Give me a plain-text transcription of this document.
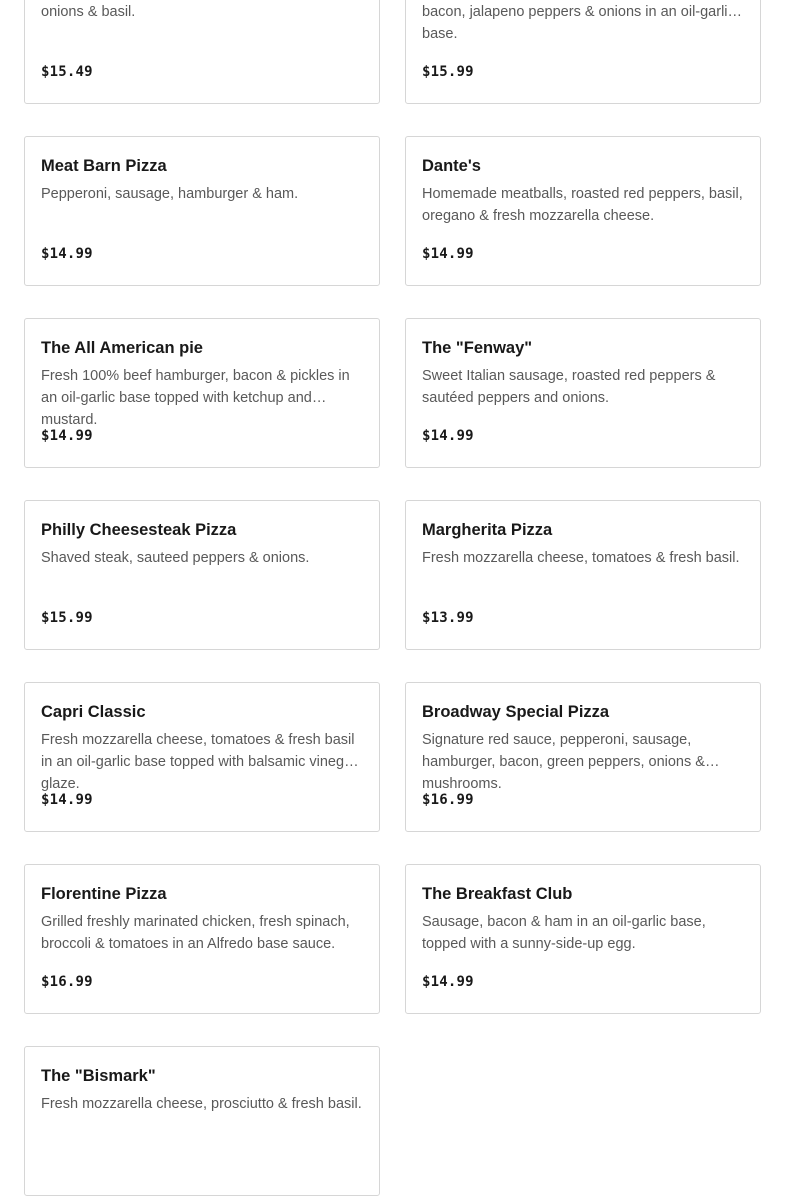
onions & basil.
$15.49
bacon, jalapeno peppers & onions in an oil-garlic base.
$15.99
Meat Barn Pizza
Pepperoni, sausage, hamburger & ham.
$14.99
Dante's
Homemade meatballs, roasted red peppers, basil, oregano & fresh mozzarella cheese.
$14.99
The All American pie
Fresh 100% beef hamburger, bacon & pickles in an oil-garlic base topped with ketchup and mustard.
$14.99
The "Fenway"
Sweet Italian sausage, roasted red peppers & sautéed peppers and onions.
$14.99
Philly Cheesesteak Pizza
Shaved steak, sauteed peppers & onions.
$15.99
Margherita Pizza
Fresh mozzarella cheese, tomatoes & fresh basil.
$13.99
Capri Classic
Fresh mozzarella cheese, tomatoes & fresh basil in an oil-garlic base topped with balsamic vinegar glaze.
$14.99
Broadway Special Pizza
Signature red sauce, pepperoni, sausage, hamburger, bacon, green peppers, onions & mushrooms.
$16.99
Florentine Pizza
Grilled freshly marinated chicken, fresh spinach, broccoli & tomatoes in an Alfredo base sauce.
$16.99
The Breakfast Club
Sausage, bacon & ham in an oil-garlic base, topped with a sunny-side-up egg.
$14.99
The "Bismark"
Fresh mozzarella cheese, prosciutto & fresh basil.
